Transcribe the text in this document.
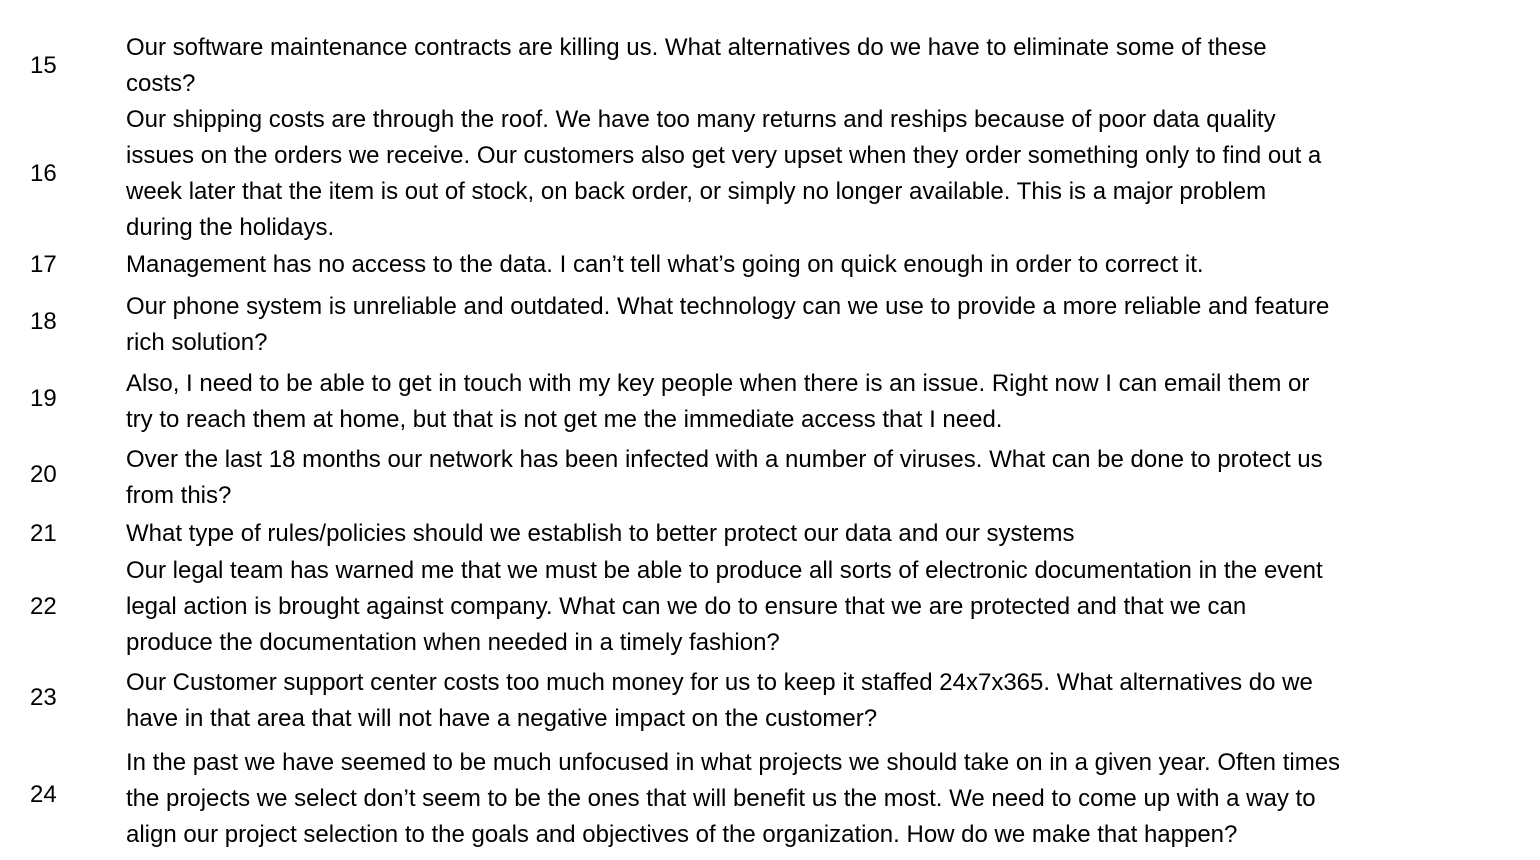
15
Our software maintenance contracts are killing us. What alternatives do we have to eliminate some of these
costs?
16
Our shipping costs are through the roof. We have too many returns and reships because of poor data quality
issues on the orders we receive. Our customers also get very upset when they order something only to find out a
week later that the item is out of stock, on back order, or simply no longer available. This is a major problem
during the holidays.
17	Management has no access to the data. I can’t tell what’s going on quick enough in order to correct it.
18
Our phone system is unreliable and outdated. What technology can we use to provide a more reliable and feature
rich solution?
19
Also, I need to be able to get in touch with my key people when there is an issue. Right now I can email them or
try to reach them at home, but that is not get me the immediate access that I need.
20
Over the last 18 months our network has been infected with a number of viruses. What can be done to protect us
from this?
21	What type of rules/policies should we establish to better protect our data and our systems
22
Our legal team has warned me that we must be able to produce all sorts of electronic documentation in the event
legal action is brought against company. What can we do to ensure that we are protected and that we can
produce the documentation when needed in a timely fashion?
23
Our Customer support center costs too much money for us to keep it staffed 24x7x365. What alternatives do we
have in that area that will not have a negative impact on the customer?
24
In the past we have seemed to be much unfocused in what projects we should take on in a given year. Often times
the projects we select don’t seem to be the ones that will benefit us the most. We need to come up with a way to
align our project selection to the goals and objectives of the organization. How do we make that happen?
